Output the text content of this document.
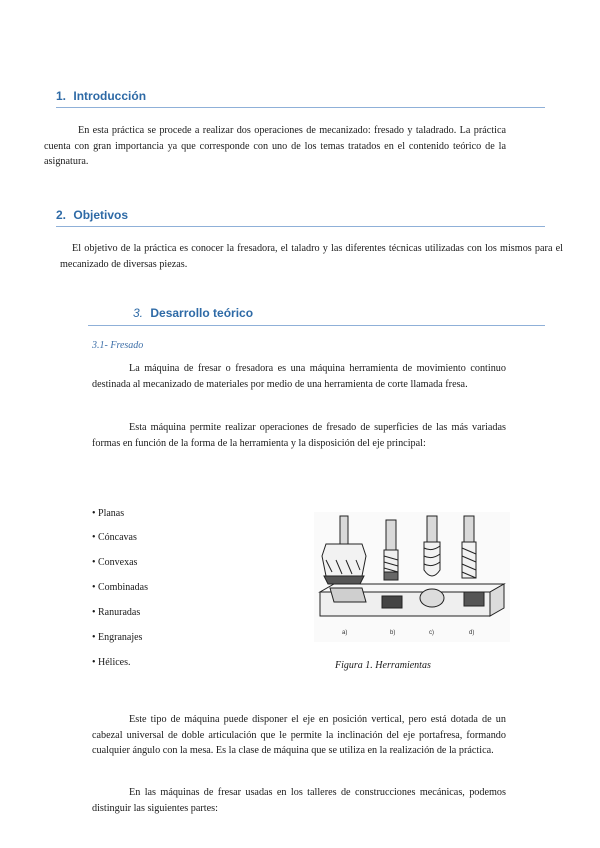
1. Introducción

En esta práctica se procede a realizar dos operaciones de mecanizado: fresado y taladrado. La práctica cuenta con gran importancia ya que corresponde con uno de los temas tratados en el contenido teórico de la asignatura.

2. Objetivos

El objetivo de la práctica es conocer la fresadora, el taladro y las diferentes técnicas utilizadas con los mismos para el mecanizado de diversas piezas.

3. Desarrollo teórico
3.1- Fresado

La máquina de fresar o fresadora es una máquina herramienta de movimiento continuo destinada al mecanizado de materiales por medio de una herramienta de corte llamada fresa.

Esta máquina permite realizar operaciones de fresado de superficies de las más variadas formas en función de la forma de la herramienta y la disposición del eje principal:

• Planas
• Cóncavas
• Convexas
• Combinadas
• Ranuradas
• Engranajes
• Hélices.
a)	b)	c)	d)
Figura 1. Herramientas

Este tipo de máquina puede disponer el eje en posición vertical, pero está dotada de un cabezal universal de doble articulación que le permite la inclinación del eje portafresa, formando cualquier ángulo con la mesa. Es la clase de máquina que se utiliza en la realización de la práctica.

En las máquinas de fresar usadas en los talleres de construcciones mecánicas, podemos distinguir las siguientes partes:
